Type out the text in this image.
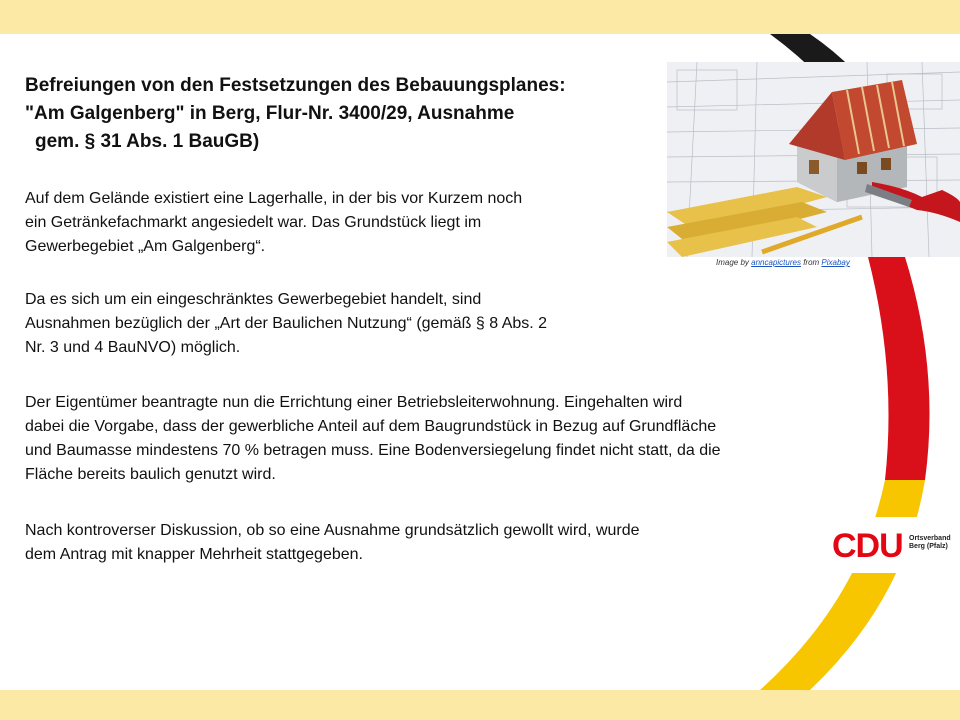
Befreiungen von den Festsetzungen des Bebauungsplanes:
"Am Galgenberg" in Berg, Flur-Nr. 3400/29, Ausnahme
gem. § 31 Abs. 1 BauGB)

Auf dem Gelände existiert eine Lagerhalle, in der bis vor Kurzem noch
ein Getränkefachmarkt angesiedelt war. Das Grundstück liegt im
Gewerbegebiet „Am Galgenberg“.

Da es sich um ein eingeschränktes Gewerbegebiet handelt, sind
Ausnahmen bezüglich der „Art der Baulichen Nutzung“ (gemäß § 8 Abs. 2
Nr. 3 und 4 BauNVO) möglich.

Der Eigentümer beantragte nun die Errichtung einer Betriebsleiterwohnung. Eingehalten wird
dabei die Vorgabe, dass der gewerbliche Anteil auf dem Baugrundstück in Bezug auf Grundfläche
und Baumasse mindestens 70 % betragen muss. Eine Bodenversiegelung findet nicht statt, da die
Fläche bereits baulich genutzt wird.

Nach kontroverser Diskussion, ob so eine Ausnahme grundsätzlich gewollt wird, wurde
dem Antrag mit knapper Mehrheit stattgegeben.

Image by anncapictures from Pixabay
CDU Ortsverband
Berg (Pfalz)
